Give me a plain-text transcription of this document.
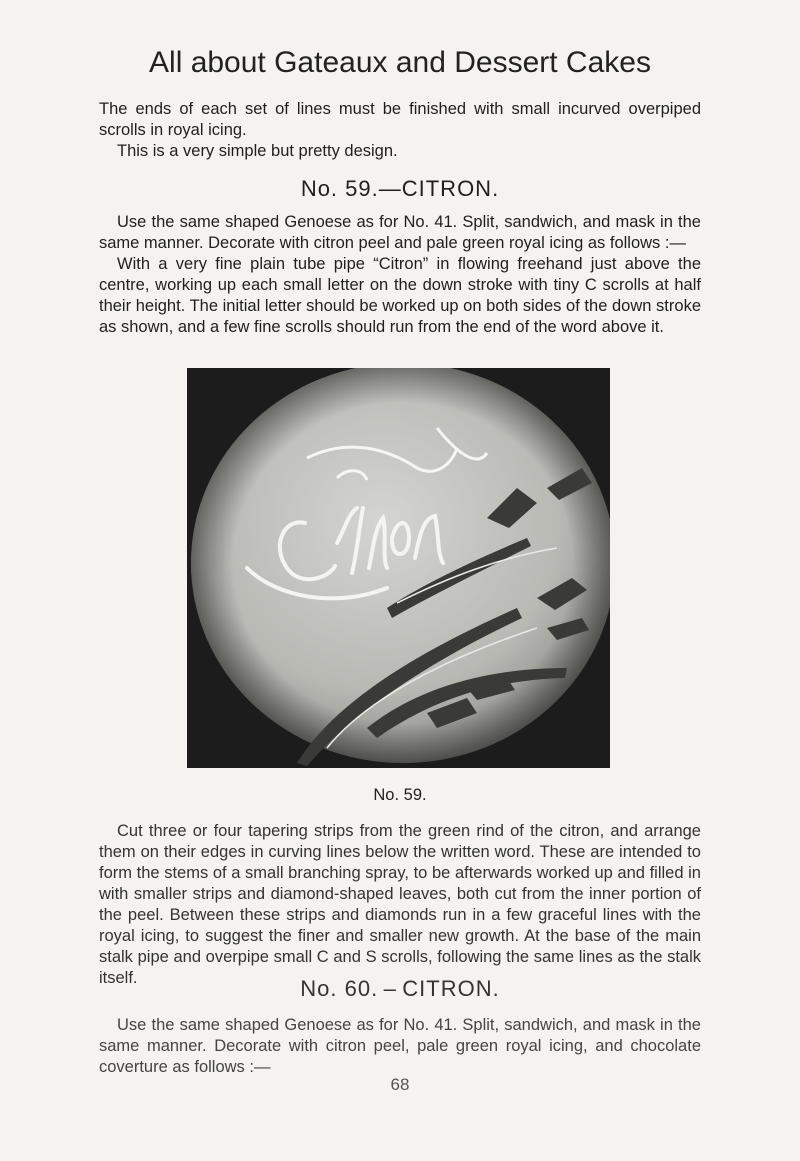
All about Gateaux and Dessert Cakes

The ends of each set of lines must be finished with small incurved overpiped scrolls in royal icing.

This is a very simple but pretty design.

No. 59.—CITRON.

Use the same shaped Genoese as for No. 41. Split, sandwich, and mask in the same manner. Decorate with citron peel and pale green royal icing as follows :—

With a very fine plain tube pipe “Citron” in flowing freehand just above the centre, working up each small letter on the down stroke with tiny C scrolls at half their height. The initial letter should be worked up on both sides of the down stroke as shown, and a few fine scrolls should run from the end of the word above it.

No. 59.

Cut three or four tapering strips from the green rind of the citron, and arrange them on their edges in curving lines below the written word. These are intended to form the stems of a small branching spray, to be afterwards worked up and filled in with smaller strips and diamond-shaped leaves, both cut from the inner portion of the peel. Between these strips and diamonds run in a few graceful lines with the royal icing, to suggest the finer and smaller new growth. At the base of the main stalk pipe and overpipe small C and S scrolls, following the same lines as the stalk itself.	No. 60. – CITRON.

Use the same shaped Genoese as for No. 41. Split, sandwich, and mask in the same manner. Decorate with citron peel, pale green royal icing, and chocolate coverture as follows :—

68
